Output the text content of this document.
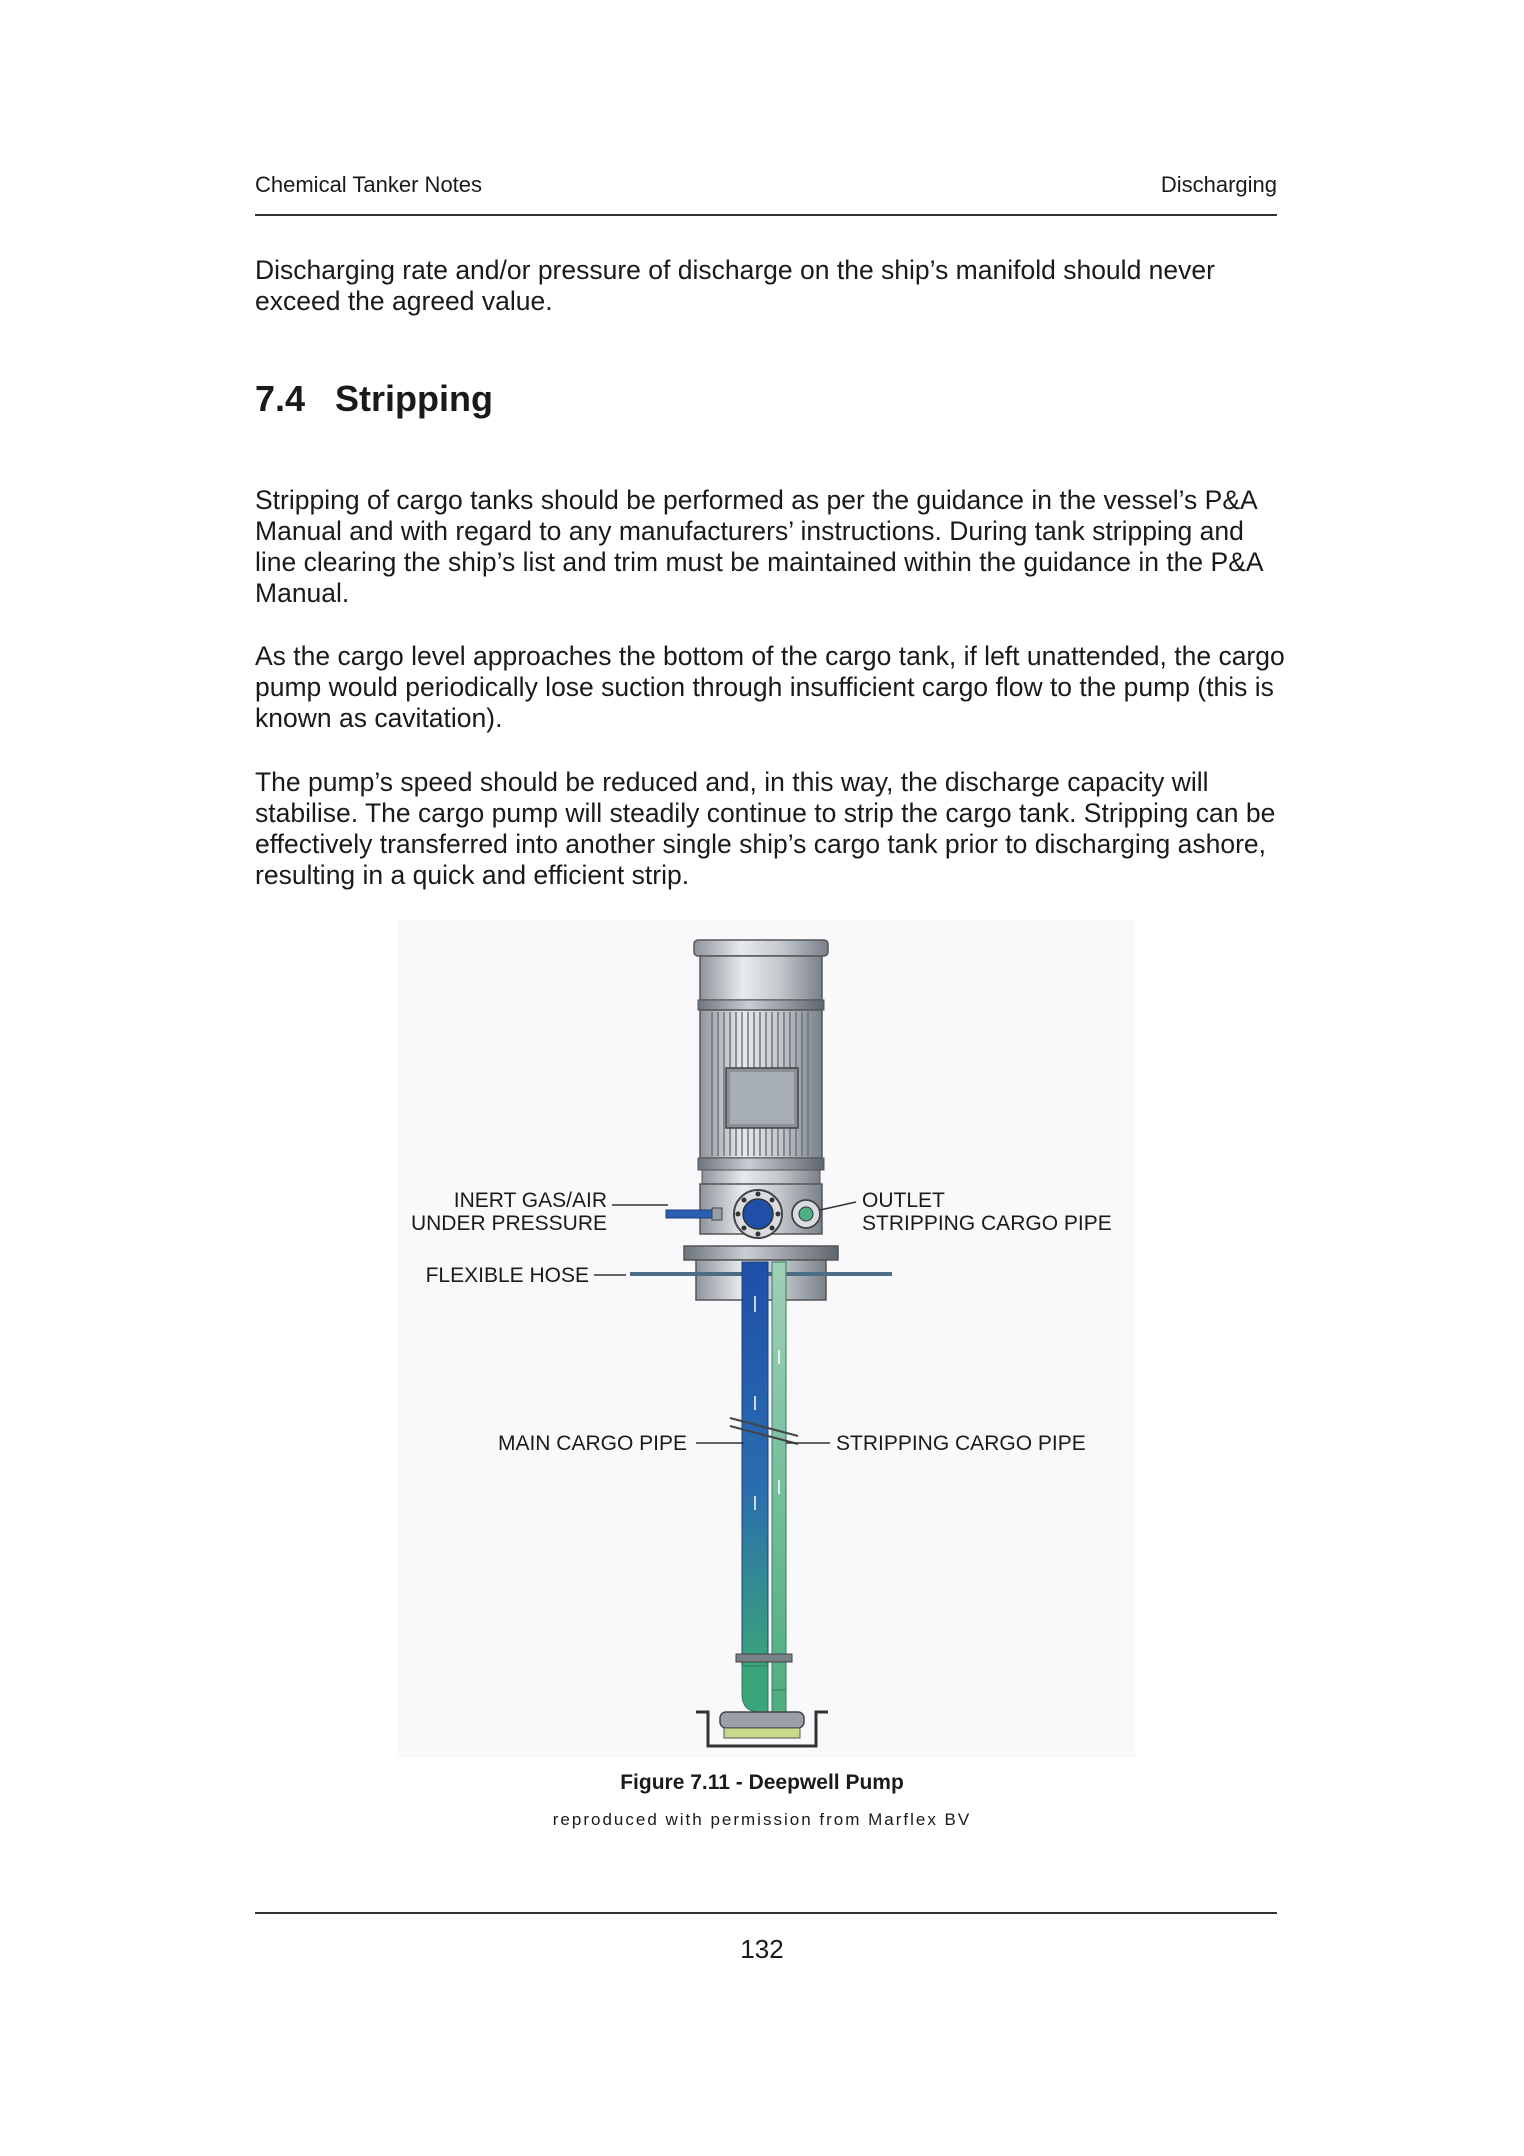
Chemical Tanker Notes	Discharging

Discharging rate and/or pressure of discharge on the ship’s manifold should never exceed the agreed value.

7.4 Stripping

Stripping of cargo tanks should be performed as per the guidance in the vessel’s P&A Manual and with regard to any manufacturers’ instructions. During tank stripping and line clearing the ship’s list and trim must be maintained within the guidance in the P&A Manual.

As the cargo level approaches the bottom of the cargo tank, if left unattended, the cargo pump would periodically lose suction through insufficient cargo flow to the pump (this is known as cavitation).

The pump’s speed should be reduced and, in this way, the discharge capacity will stabilise. The cargo pump will steadily continue to strip the cargo tank. Stripping can be effectively transferred into another single ship’s cargo tank prior to discharging ashore, resulting in a quick and efficient strip.

INERT GAS/AIR
UNDER PRESSURE
OUTLET
STRIPPING CARGO PIPE
FLEXIBLE HOSE
MAIN CARGO PIPE	STRIPPING CARGO PIPE
Figure 7.11 - Deepwell Pump
reproduced with permission from Marflex BV
132
